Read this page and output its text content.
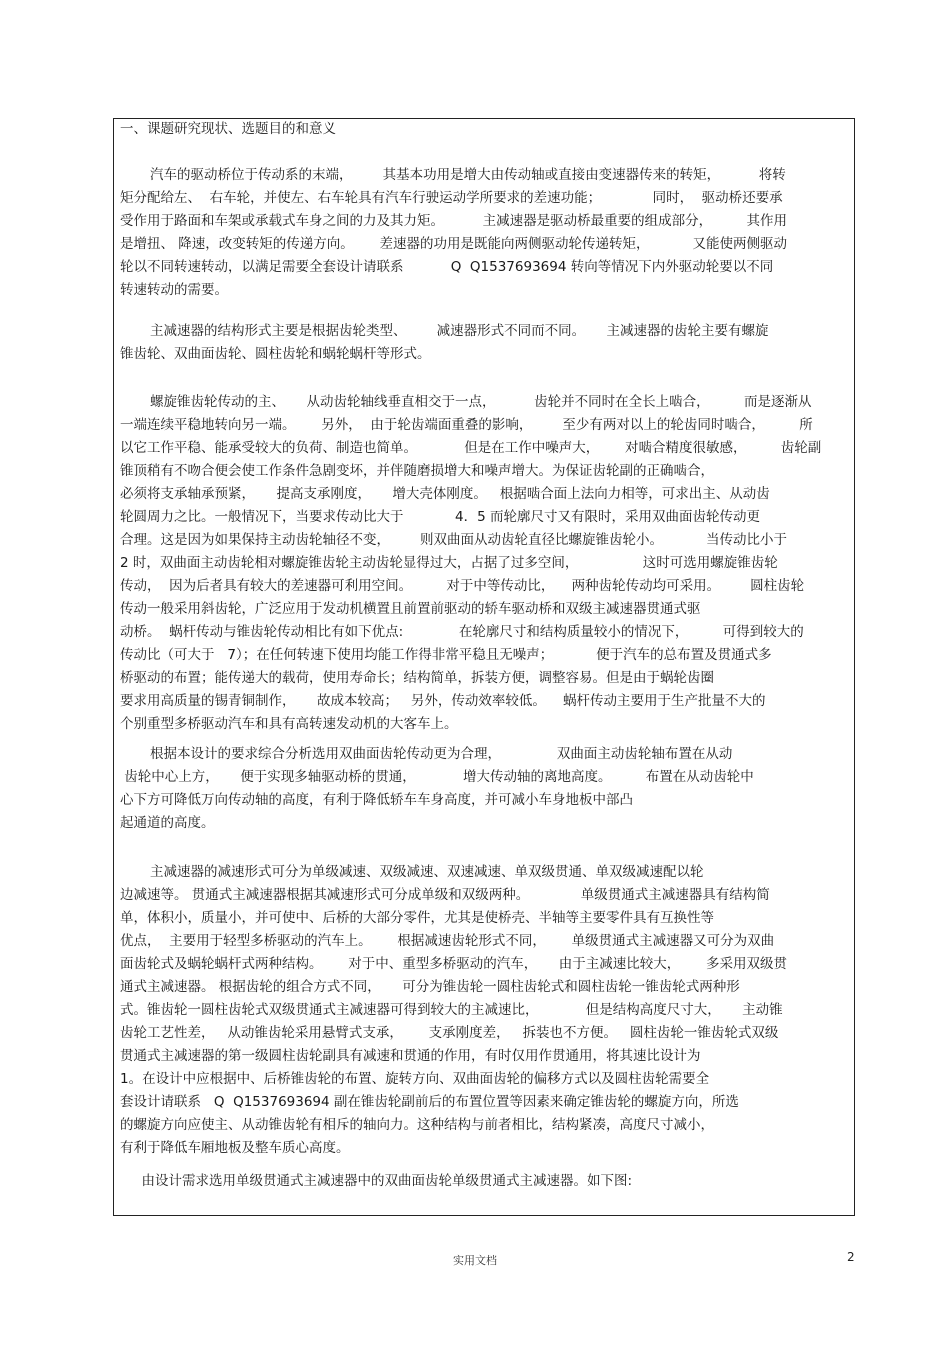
一、课题研究现状、选题目的和意义
汽车的驱动桥位于传动系的末端，       其基本功用是增大由传动轴或直接由变速器传来的转矩，         将转
矩分配给左、  右车轮，并使左、右车轮具有汽车行驶运动学所要求的差速功能；            同时，  驱动桥还要承
受作用于路面和车架或承载式车身之间的力及其力矩。         主减速器是驱动桥最重要的组成部分，        其作用
是增扭、 降速，改变转矩的传递方向。      差速器的功用是既能向两侧驱动轮传递转矩，          又能使两侧驱动
轮以不同转速转动，以满足需要全套设计请联系           Q  Q1537693694 转向等情况下内外驱动轮要以不同
转速转动的需要。
主减速器的结构形式主要是根据齿轮类型、       减速器形式不同而不同。     主减速器的齿轮主要有螺旋
锥齿轮、双曲面齿轮、圆柱齿轮和蜗轮蜗杆等形式。
螺旋锥齿轮传动的主、     从动齿轮轴线垂直相交于一点，         齿轮并不同时在全长上啮合，        而是逐渐从
一端连续平稳地转向另一端。      另外，  由于轮齿端面重叠的影响，       至少有两对以上的轮齿同时啮合，        所
以它工作平稳、能承受较大的负荷、制造也简单。           但是在工作中噪声大，      对啮合精度很敏感，        齿轮副
锥顶稍有不吻合便会使工作条件急剧变坏，并伴随磨损增大和噪声增大。为保证齿轮副的正确啮合，
必须将支承轴承预紧，     提高支承刚度，     增大壳体刚度。   根据啮合面上法向力相等，可求出主、从动齿
轮圆周力之比。一般情况下，当要求传动比大于            4．5 而轮廓尺寸又有限时，采用双曲面齿轮传动更
合理。这是因为如果保持主动齿轮轴径不变，       则双曲面从动齿轮直径比螺旋锥齿轮小。          当传动比小于
2 时，双曲面主动齿轮相对螺旋锥齿轮主动齿轮显得过大，占据了过多空间，               这时可选用螺旋锥齿轮
传动，  因为后者具有较大的差速器可利用空间。        对于中等传动比，    两种齿轮传动均可采用。       圆柱齿轮
传动一般采用斜齿轮，广泛应用于发动机横置且前置前驱动的轿车驱动桥和双级主减速器贯通式驱
动桥。  蜗杆传动与锥齿轮传动相比有如下优点:             在轮廓尺寸和结构质量较小的情况下，        可得到较大的
传动比（可大于   7）；在任何转速下使用均能工作得非常平稳且无噪声；          便于汽车的总布置及贯通式多
桥驱动的布置；能传递大的载荷，使用寿命长；结构简单，拆装方便，调整容易。但是由于蜗轮齿圈
要求用高质量的锡青铜制作，     故成本较高；   另外，传动效率较低。    蜗杆传动主要用于生产批量不大的
个别重型多桥驱动汽车和具有高转速发动机的大客车上。
根据本设计的要求综合分析选用双曲面齿轮传动更为合理，             双曲面主动齿轮轴布置在从动
齿轮中心上方，     便于实现多轴驱动桥的贯通，           增大传动轴的离地高度。        布置在从动齿轮中
心下方可降低万向传动轴的高度，有利于降低轿车车身高度，并可减小车身地板中部凸
起通道的高度。
主减速器的减速形式可分为单级减速、双级减速、双速减速、单双级贯通、单双级减速配以轮
边减速等。 贯通式主减速器根据其减速形式可分成单级和双级两种。            单级贯通式主减速器具有结构简
单，体积小，质量小，并可使中、后桥的大部分零件，尤其是使桥壳、半轴等主要零件具有互换性等
优点，  主要用于轻型多桥驱动的汽车上。      根据减速齿轮形式不同，      单级贯通式主减速器又可分为双曲
面齿轮式及蜗轮蜗杆式两种结构。      对于中、重型多桥驱动的汽车，     由于主减速比较大，      多采用双级贯
通式主减速器。 根据齿轮的组合方式不同，     可分为锥齿轮一圆柱齿轮式和圆柱齿轮一锥齿轮式两种形
式。锥齿轮一圆柱齿轮式双级贯通式主减速器可得到较大的主减速比，           但是结构高度尺寸大，     主动锥
齿轮工艺性差，   从动锥齿轮采用悬臂式支承，      支承刚度差，   拆装也不方便。   圆柱齿轮一锥齿轮式双级
贯通式主减速器的第一级圆柱齿轮副具有减速和贯通的作用，有时仅用作贯通用，将其速比设计为
1。在设计中应根据中、后桥锥齿轮的布置、旋转方向、双曲面齿轮的偏移方式以及圆柱齿轮需要全
套设计请联系   Q  Q1537693694 副在锥齿轮副前后的布置位置等因素来确定锥齿轮的螺旋方向，所选
的螺旋方向应使主、从动锥齿轮有相斥的轴向力。这种结构与前者相比，结构紧凑，高度尺寸减小，
有利于降低车厢地板及整车质心高度。
由设计需求选用单级贯通式主减速器中的双曲面齿轮单级贯通式主减速器。如下图:
实用文档	2
